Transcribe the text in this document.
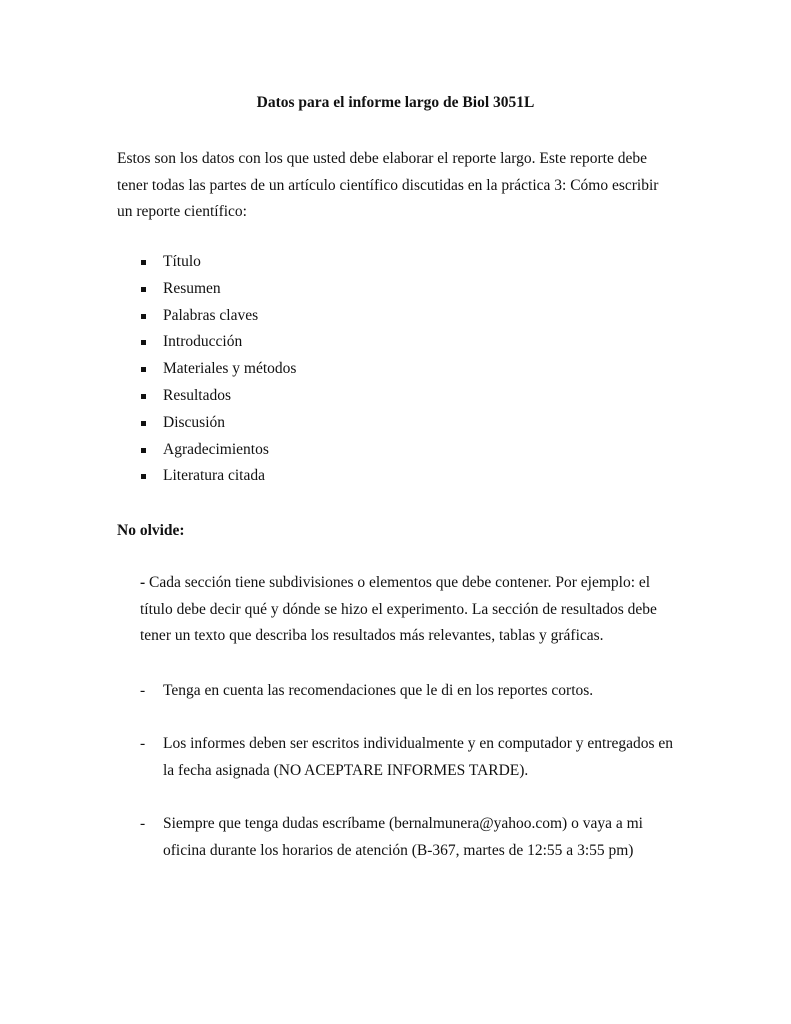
Datos para el informe largo de Biol 3051L

Estos son los datos con los que usted debe elaborar el reporte largo. Este reporte debe tener todas las partes de un artículo científico discutidas en la práctica 3: Cómo escribir un reporte científico:

Título
Resumen
Palabras claves
Introducción
Materiales y métodos
Resultados
Discusión
Agradecimientos
Literatura citada
No olvide:

- Cada sección tiene subdivisiones o elementos que debe contener. Por ejemplo: el título debe decir qué y dónde se hizo el experimento. La sección de resultados debe tener un texto que describa los resultados más relevantes, tablas y gráficas.

- Tenga en cuenta las recomendaciones que le di en los reportes cortos.
- Los informes deben ser escritos individualmente y en computador y entregados en la fecha asignada (NO ACEPTARE INFORMES TARDE).
- Siempre que tenga dudas escríbame (bernalmunera@yahoo.com) o vaya a mi oficina durante los horarios de atención (B-367, martes de 12:55 a 3:55 pm)
